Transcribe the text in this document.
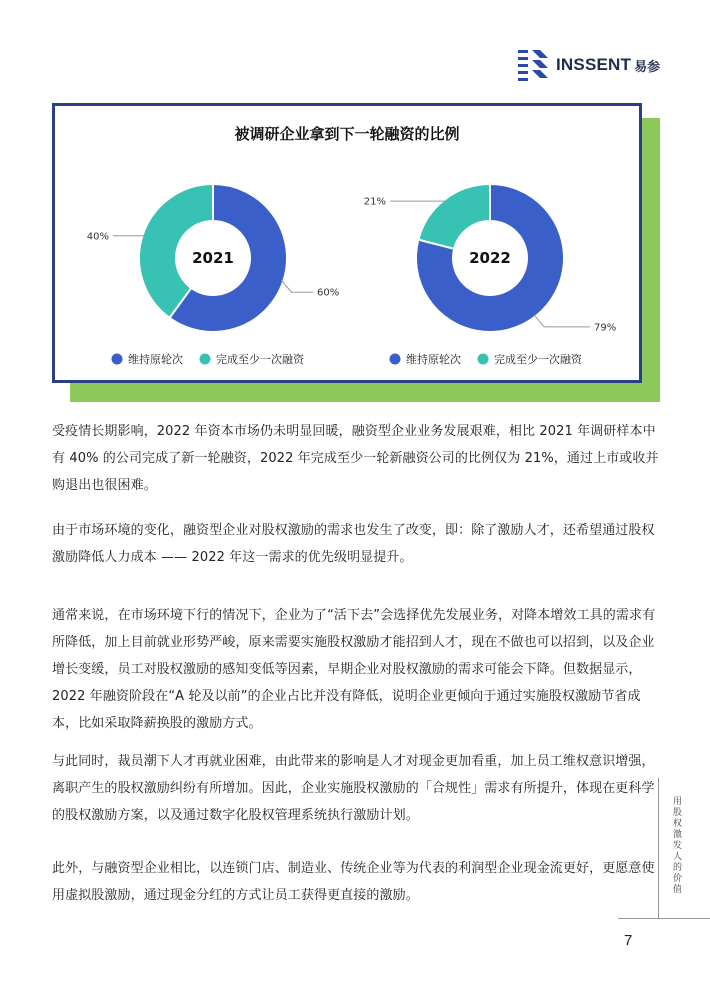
INSSENT 易参
被调研企业拿到下一轮融资的比例
60%
40%
2021
维持原轮次	完成至少一次融资
79%
21%
2022
维持原轮次	完成至少一次融资

受疫情长期影响，2022 年资本市场仍未明显回暖，融资型企业业务发展艰难，相比 2021 年调研样本中有 40% 的公司完成了新一轮融资，2022 年完成至少一轮新融资公司的比例仅为 21%，通过上市或收并购退出也很困难。

由于市场环境的变化，融资型企业对股权激励的需求也发生了改变，即：除了激励人才，还希望通过股权激励降低人力成本 —— 2022 年这一需求的优先级明显提升。

通常来说，在市场环境下行的情况下，企业为了“活下去”会选择优先发展业务，对降本增效工具的需求有所降低，加上目前就业形势严峻，原来需要实施股权激励才能招到人才，现在不做也可以招到，以及企业增长变缓，员工对股权激励的感知变低等因素，早期企业对股权激励的需求可能会下降。但数据显示，2022 年融资阶段在“A 轮及以前”的企业占比并没有降低，说明企业更倾向于通过实施股权激励节省成本，比如采取降薪换股的激励方式。

与此同时，裁员潮下人才再就业困难，由此带来的影响是人才对现金更加看重，加上员工维权意识增强，离职产生的股权激励纠纷有所增加。因此，企业实施股权激励的「合规性」需求有所提升，体现在更科学的股权激励方案，以及通过数字化股权管理系统执行激励计划。

此外，与融资型企业相比，以连锁门店、制造业、传统企业等为代表的利润型企业现金流更好，更愿意使用虚拟股激励，通过现金分红的方式让员工获得更直接的激励。

用股权激发人的价值
7
